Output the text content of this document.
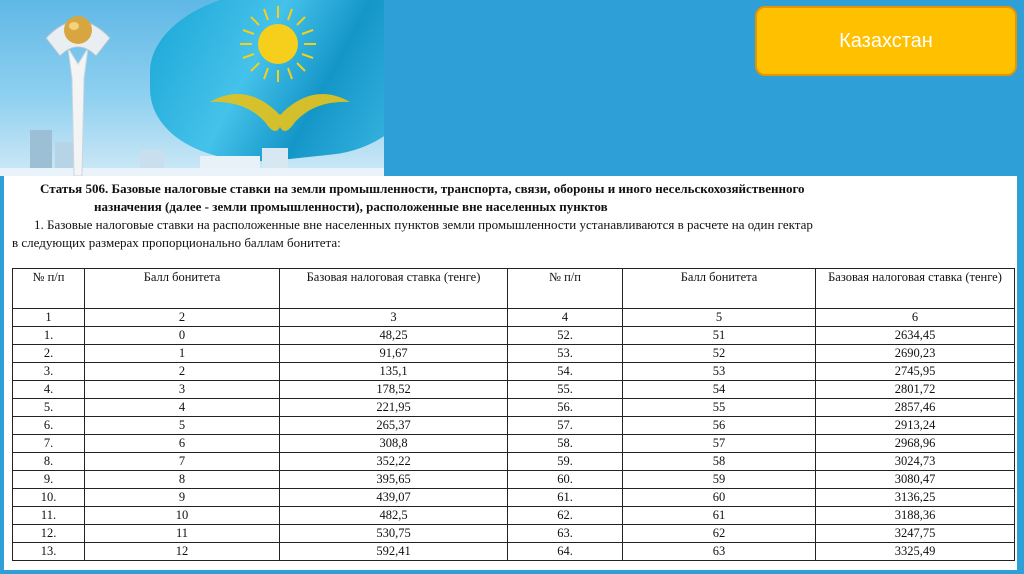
Казахстан
Статья 506. Базовые налоговые ставки на земли промышленности, транспорта, связи, обороны и иного несельскохозяйственного
назначения (далее - земли промышленности), расположенные вне населенных пунктов
1. Базовые налоговые ставки на расположенные вне населенных пунктов земли промышленности устанавливаются в расчете на один гектар
в следующих размерах пропорционально баллам бонитета:
№ п/п	Балл бонитета	Базовая налоговая ставка (тенге)	№ п/п	Балл бонитета	Базовая налоговая ставка (тенге)
1	2	3	4	5	6
1.	0	48,25	52.	51	2634,45
2.	1	91,67	53.	52	2690,23
3.	2	135,1	54.	53	2745,95
4.	3	178,52	55.	54	2801,72
5.	4	221,95	56.	55	2857,46
6.	5	265,37	57.	56	2913,24
7.	6	308,8	58.	57	2968,96
8.	7	352,22	59.	58	3024,73
9.	8	395,65	60.	59	3080,47
10.	9	439,07	61.	60	3136,25
11.	10	482,5	62.	61	3188,36
12.	11	530,75	63.	62	3247,75
13.	12	592,41	64.	63	3325,49
